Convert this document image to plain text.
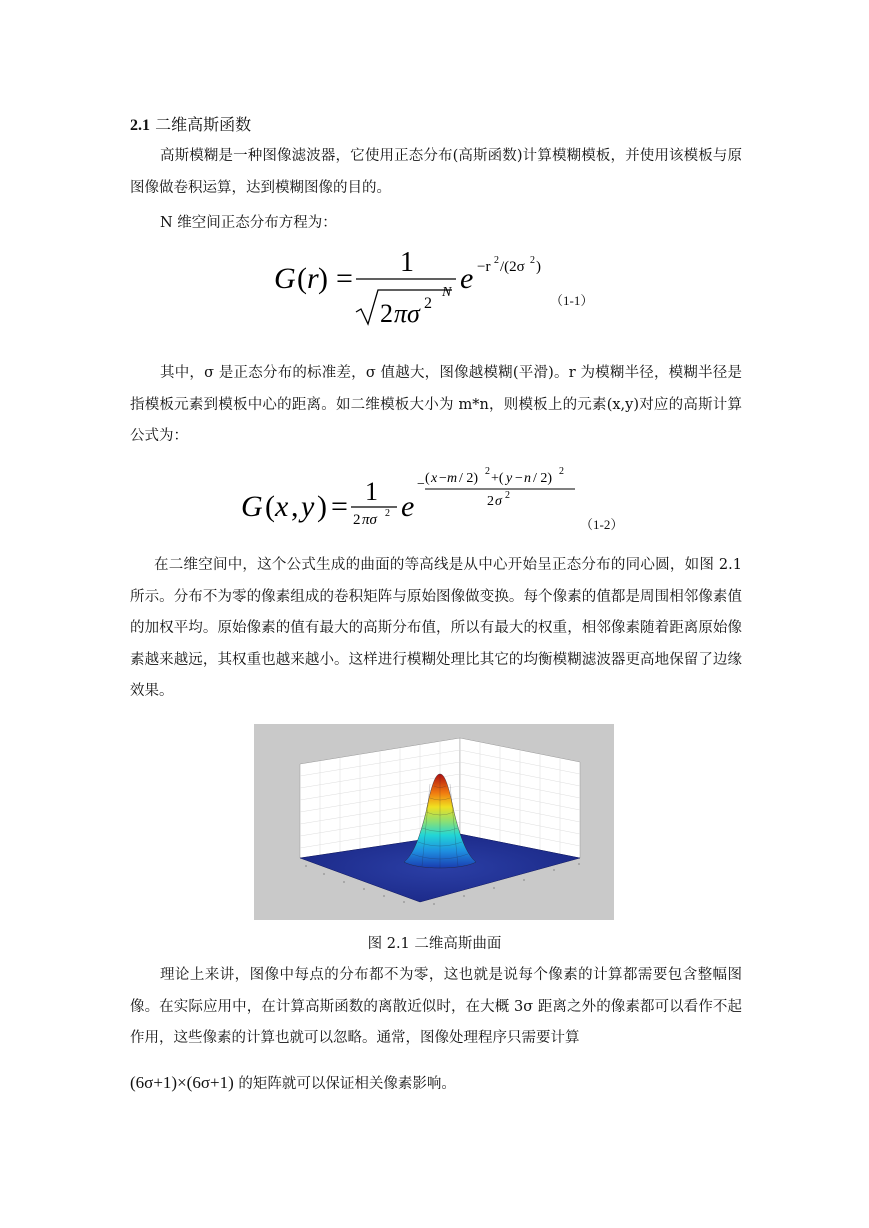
2.1 二维高斯函数

高斯模糊是一种图像滤波器，它使用正态分布(高斯函数)计算模糊模板，并使用该模板与原图像做卷积运算，达到模糊图像的目的。

N 维空间正态分布方程为：

G ( r ) = 1
2 πσ 2
N e −r 2 /(2σ 2 )
（1-1）

其中，σ 是正态分布的标准差，σ 值越大，图像越模糊(平滑)。r 为模糊半径，模糊半径是指模板元素到模板中心的距离。如二维模板大小为 m*n，则模板上的元素(x,y)对应的高斯计算公式为：

G ( x , y ) = 1
2 πσ 2 e
− ( x − m / 2) 2 +( y − n / 2) 2
2 σ 2
（1-2）

在二维空间中，这个公式生成的曲面的等高线是从中心开始呈正态分布的同心圆，如图 2.1 所示。分布不为零的像素组成的卷积矩阵与原始图像做变换。每个像素的值都是周围相邻像素值的加权平均。原始像素的值有最大的高斯分布值，所以有最大的权重，相邻像素随着距离原始像素越来越远，其权重也越来越小。这样进行模糊处理比其它的均衡模糊滤波器更高地保留了边缘效果。

图 2.1 二维高斯曲面

理论上来讲，图像中每点的分布都不为零，这也就是说每个像素的计算都需要包含整幅图像。在实际应用中，在计算高斯函数的离散近似时，在大概 3σ 距离之外的像素都可以看作不起作用，这些像素的计算也就可以忽略。通常，图像处理程序只需要计算

(6σ+1)×(6σ+1) 的矩阵就可以保证相关像素影响。
